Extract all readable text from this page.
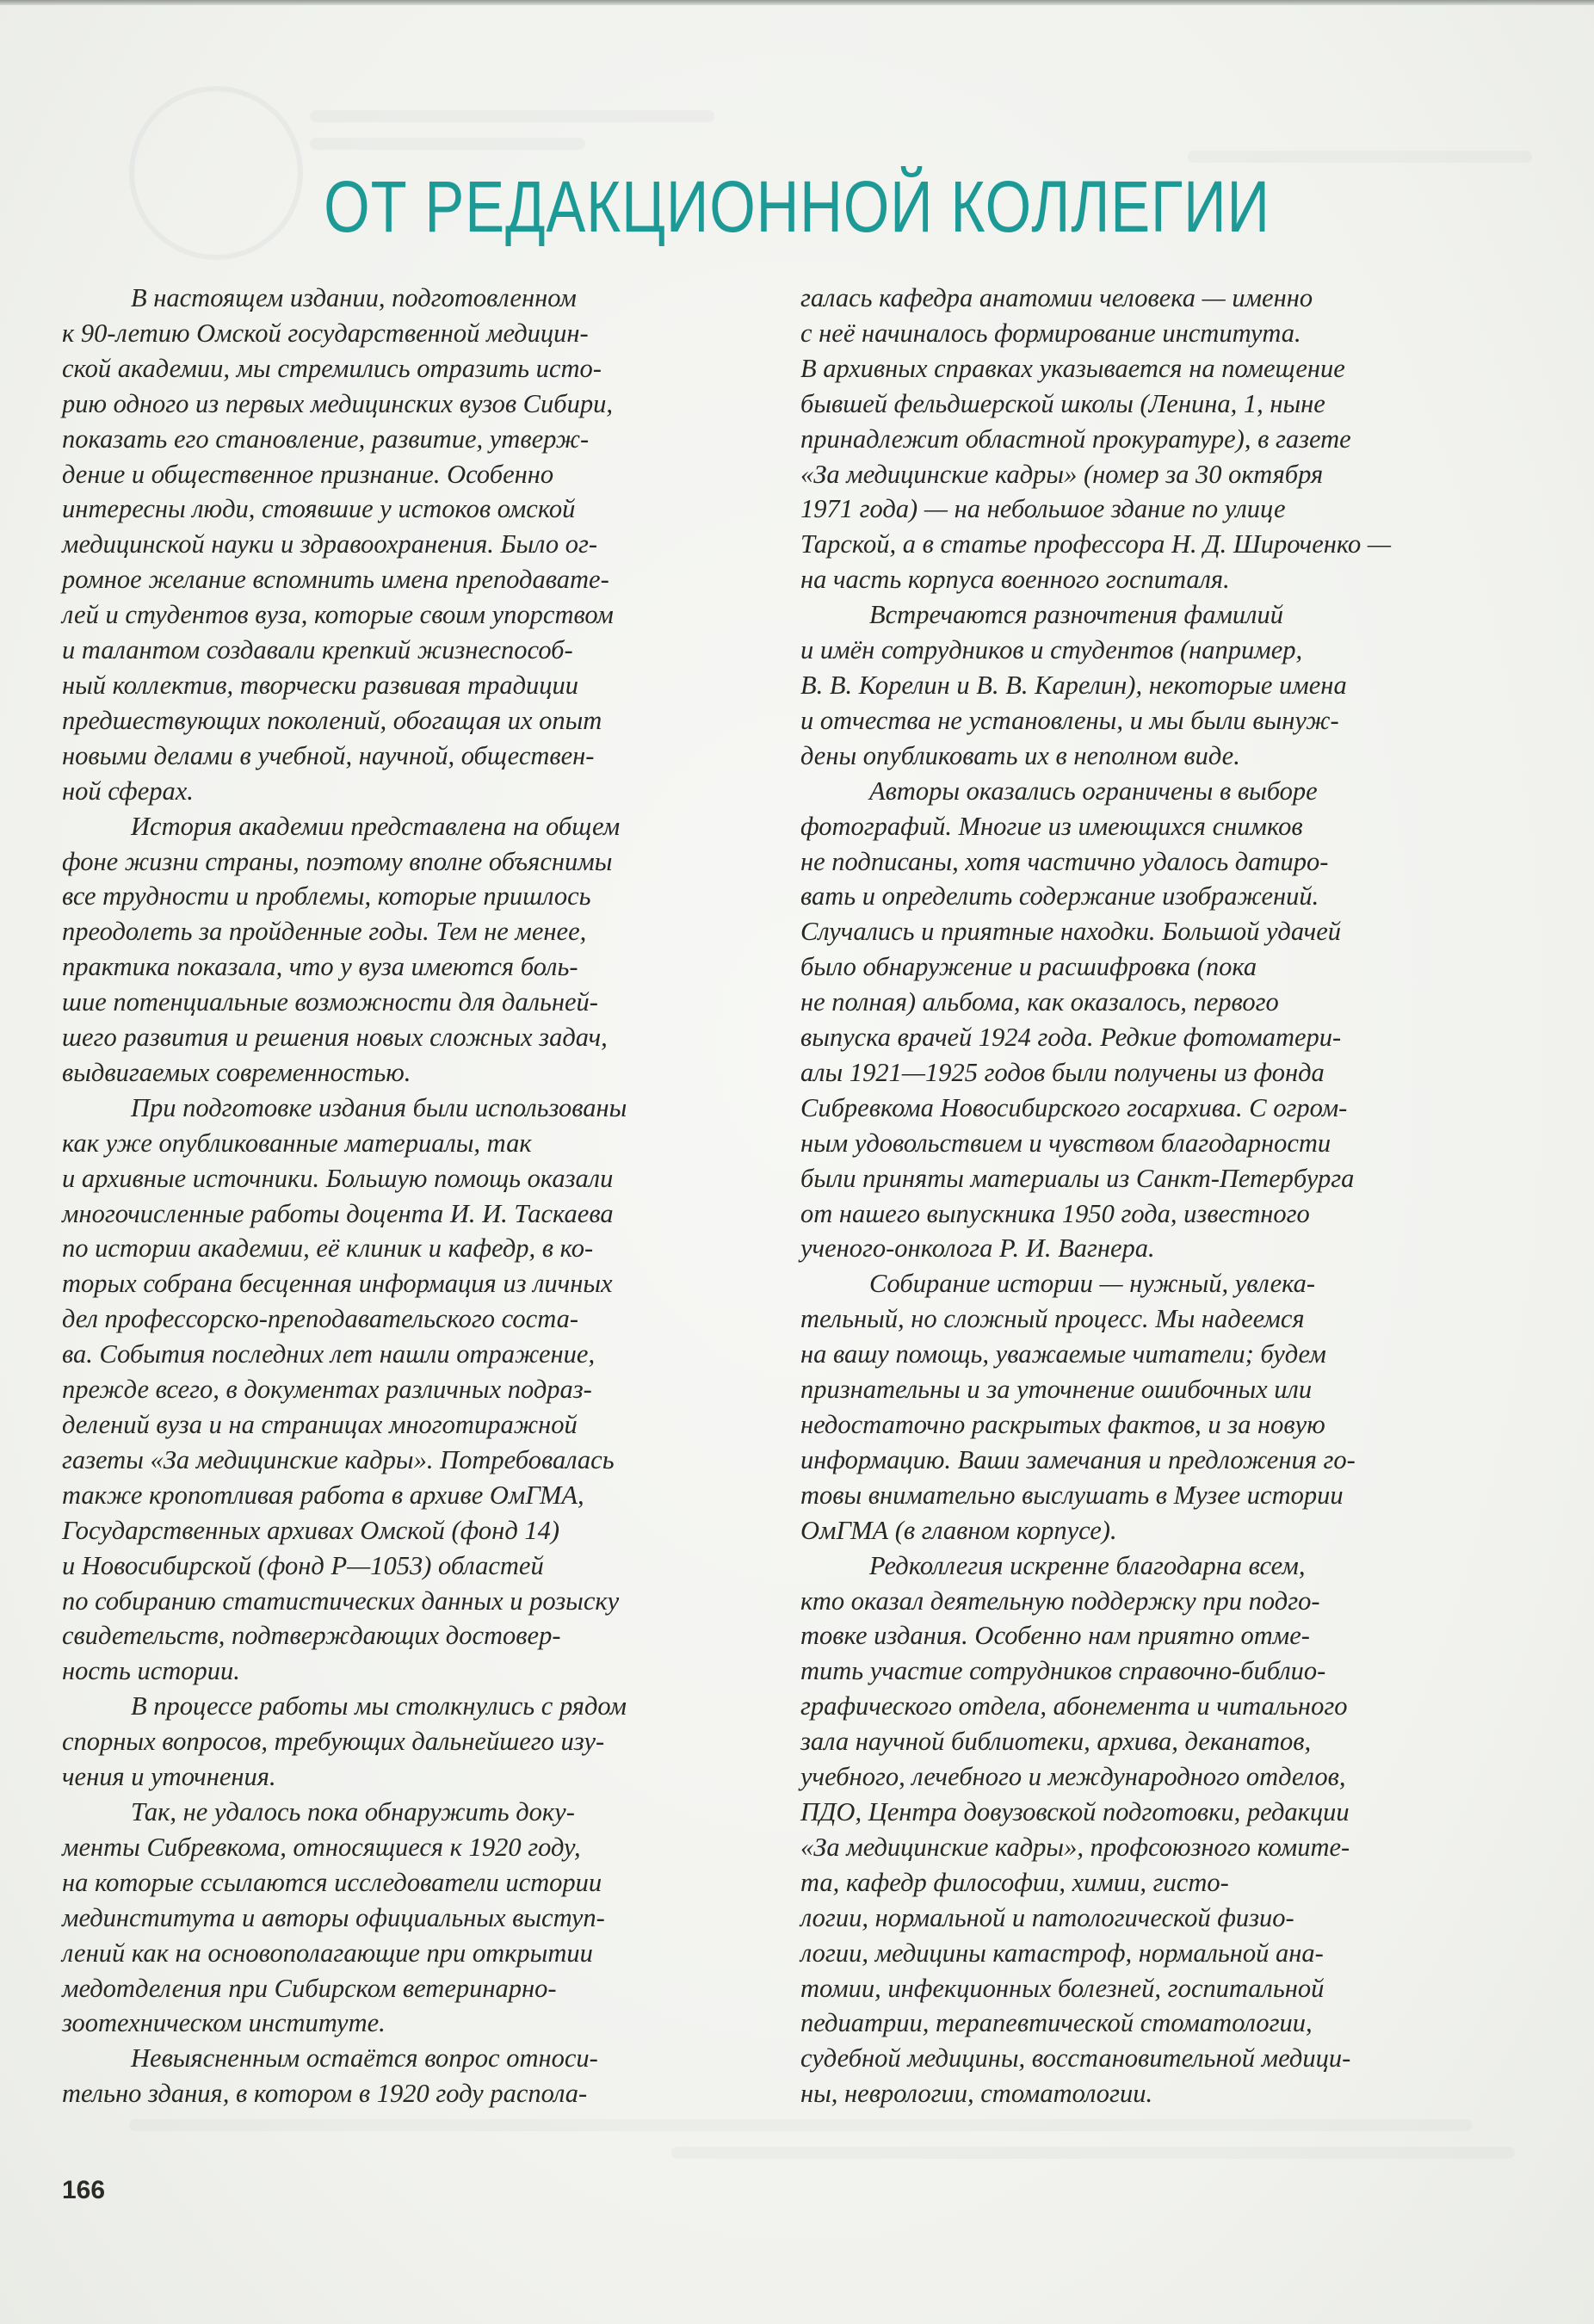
ОТ РЕДАКЦИОННОЙ КОЛЛЕГИИ

В настоящем издании, подготовленном

к 90-летию Омской государственной медицин-

ской академии, мы стремились отразить исто-

рию одного из первых медицинских вузов Сибири,

показать его становление, развитие, утверж-

дение и общественное признание. Особенно

интересны люди, стоявшие у истоков омской

медицинской науки и здравоохранения. Было ог-

ромное желание вспомнить имена преподавате-

лей и студентов вуза, которые своим упорством

и талантом создавали крепкий жизнеспособ-

ный коллектив, творчески развивая традиции

предшествующих поколений, обогащая их опыт

новыми делами в учебной, научной, обществен-

ной сферах.

История академии представлена на общем

фоне жизни страны, поэтому вполне объяснимы

все трудности и проблемы, которые пришлось

преодолеть за пройденные годы. Тем не менее,

практика показала, что у вуза имеются боль-

шие потенциальные возможности для дальней-

шего развития и решения новых сложных задач,

выдвигаемых современностью.

При подготовке издания были использованы

как уже опубликованные материалы, так

и архивные источники. Большую помощь оказали

многочисленные работы доцента И. И. Таскаева

по истории академии, её клиник и кафедр, в ко-

торых собрана бесценная информация из личных

дел профессорско-преподавательского соста-

ва. События последних лет нашли отражение,

прежде всего, в документах различных подраз-

делений вуза и на страницах многотиражной

газеты «За медицинские кадры». Потребовалась

также кропотливая работа в архиве ОмГМА,

Государственных архивах Омской (фонд 14)

и Новосибирской (фонд Р—1053) областей

по собиранию статистических данных и розыску

свидетельств, подтверждающих достовер-

ность истории.

В процессе работы мы столкнулись с рядом

спорных вопросов, требующих дальнейшего изу-

чения и уточнения.

Так, не удалось пока обнаружить доку-

менты Сибревкома, относящиеся к 1920 году,

на которые ссылаются исследователи истории

мединститута и авторы официальных выступ-

лений как на основополагающие при открытии

медотделения при Сибирском ветеринарно-

зоотехническом институте.

Невыясненным остаётся вопрос относи-

тельно здания, в котором в 1920 году распола-

галась кафедра анатомии человека — именно

с неё начиналось формирование института.

В архивных справках указывается на помещение

бывшей фельдшерской школы (Ленина, 1, ныне

принадлежит областной прокуратуре), в газете

«За медицинские кадры» (номер за 30 октября

1971 года) — на небольшое здание по улице

Тарской, а в статье профессора Н. Д. Широченко —

на часть корпуса военного госпиталя.

Встречаются разночтения фамилий

и имён сотрудников и студентов (например,

В. В. Корелин и В. В. Карелин), некоторые имена

и отчества не установлены, и мы были вынуж-

дены опубликовать их в неполном виде.

Авторы оказались ограничены в выборе

фотографий. Многие из имеющихся снимков

не подписаны, хотя частично удалось датиро-

вать и определить содержание изображений.

Случались и приятные находки. Большой удачей

было обнаружение и расшифровка (пока

не полная) альбома, как оказалось, первого

выпуска врачей 1924 года. Редкие фотоматери-

алы 1921—1925 годов были получены из фонда

Сибревкома Новосибирского госархива. С огром-

ным удовольствием и чувством благодарности

были приняты материалы из Санкт-Петербурга

от нашего выпускника 1950 года, известного

ученого-онколога Р. И. Вагнера.

Собирание истории — нужный, увлека-

тельный, но сложный процесс. Мы надеемся

на вашу помощь, уважаемые читатели; будем

признательны и за уточнение ошибочных или

недостаточно раскрытых фактов, и за новую

информацию. Ваши замечания и предложения го-

товы внимательно выслушать в Музее истории

ОмГМА (в главном корпусе).

Редколлегия искренне благодарна всем,

кто оказал деятельную поддержку при подго-

товке издания. Особенно нам приятно отме-

тить участие сотрудников справочно-библио-

графического отдела, абонемента и читального

зала научной библиотеки, архива, деканатов,

учебного, лечебного и международного отделов,

ПДО, Центра довузовской подготовки, редакции

«За медицинские кадры», профсоюзного комите-

та, кафедр философии, химии, гисто-

логии, нормальной и патологической физио-

логии, медицины катастроф, нормальной ана-

томии, инфекционных болезней, госпитальной

педиатрии, терапевтической стоматологии,

судебной медицины, восстановительной медици-

ны, неврологии, стоматологии.

166
